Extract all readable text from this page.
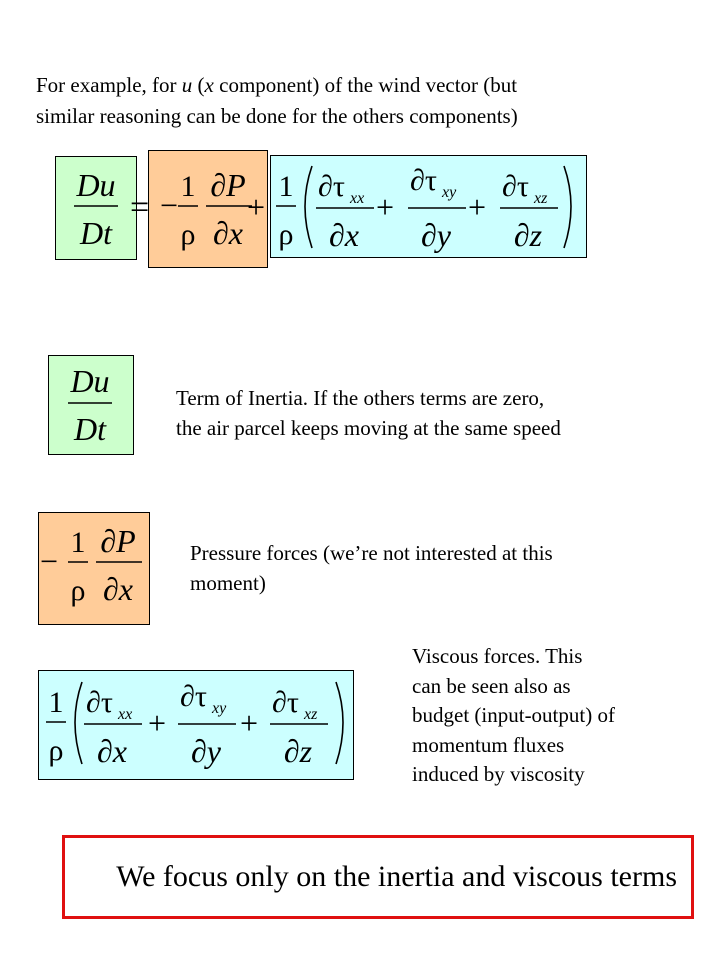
For example, for u (x component) of the wind vector (but
similar reasoning can be done for the others components)
Du
Dt
= −
1
ρ
∂P
∂x
+
1
ρ
∂τ xx
∂x
+
∂τ xy
∂y
+
∂τ xz
∂z
Du
Dt
Term of Inertia. If the others terms are zero,
the air parcel keeps moving at the same speed
−
1
ρ
∂P
∂x
Pressure forces (we’re not interested at this
moment)
1
ρ
∂τ xx
∂x
+
∂τ xy
∂y
+
∂τ xz
∂z
Viscous forces. This
can be seen also as
budget (input-output) of
momentum fluxes
induced by viscosity
We focus only on the inertia and viscous terms
